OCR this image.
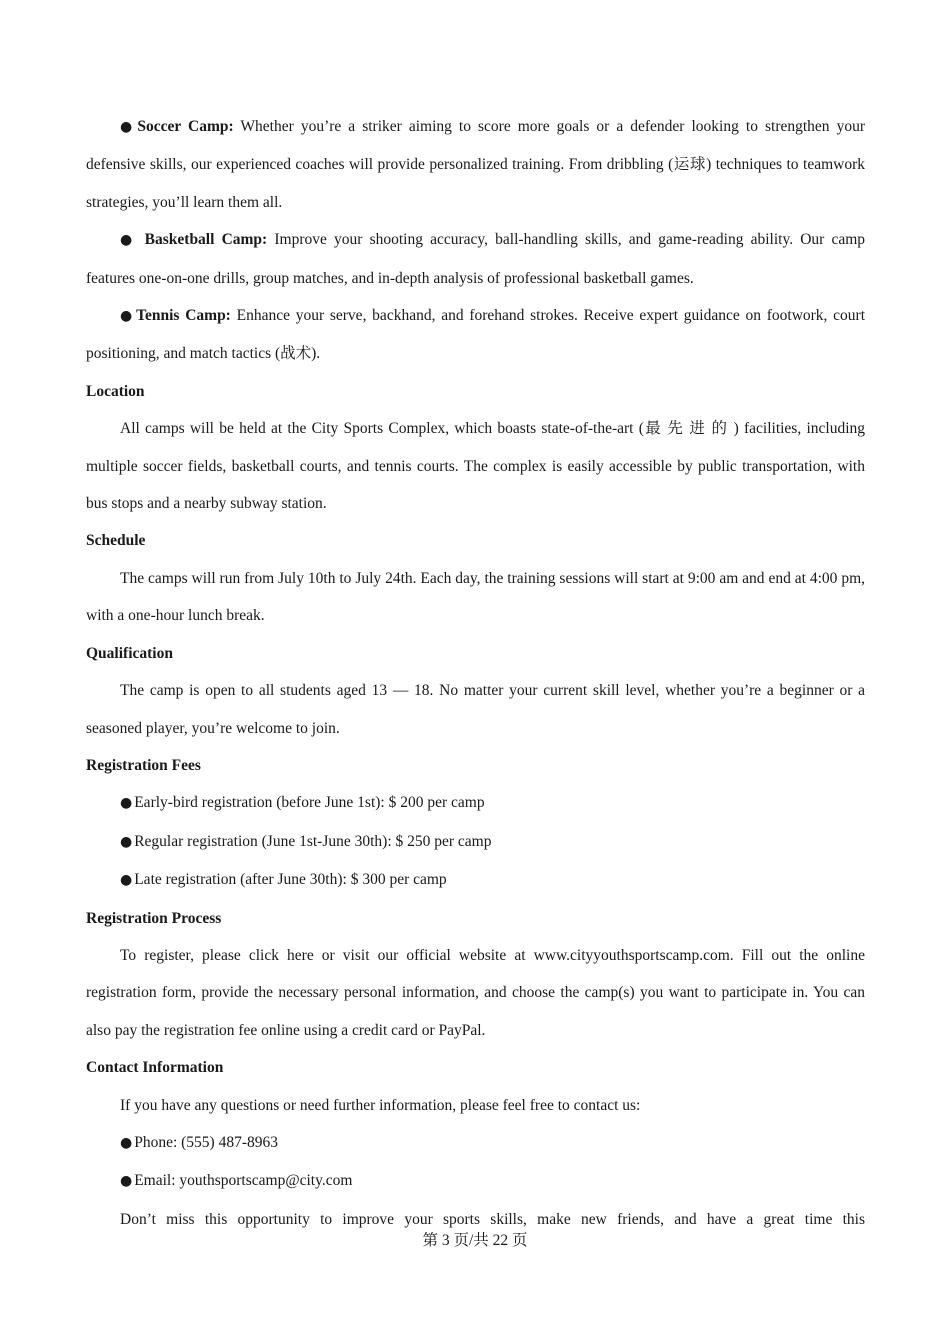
● Soccer Camp: Whether you’re a striker aiming to score more goals or a defender looking to strengthen your defensive skills, our experienced coaches will provide personalized training. From dribbling (运球) techniques to teamwork strategies, you’ll learn them all.
● Basketball Camp: Improve your shooting accuracy, ball-handling skills, and game-reading ability. Our camp features one-on-one drills, group matches, and in-depth analysis of professional basketball games.
● Tennis Camp: Enhance your serve, backhand, and forehand strokes. Receive expert guidance on footwork, court positioning, and match tactics (战术).
Location
All camps will be held at the City Sports Complex, which boasts state-of-the-art (最 先 进 的 ) facilities, including multiple soccer fields, basketball courts, and tennis courts. The complex is easily accessible by public transportation, with bus stops and a nearby subway station.
Schedule
The camps will run from July 10th to July 24th. Each day, the training sessions will start at 9:00 am and end at 4:00 pm, with a one-hour lunch break.
Qualification
The camp is open to all students aged 13 — 18. No matter your current skill level, whether you’re a beginner or a seasoned player, you’re welcome to join.
Registration Fees
● Early-bird registration (before June 1st): $ 200 per camp
● Regular registration (June 1st-June 30th): $ 250 per camp
● Late registration (after June 30th): $ 300 per camp
Registration Process
To register, please click here or visit our official website at www.cityyouthsportscamp.com. Fill out the online registration form, provide the necessary personal information, and choose the camp(s) you want to participate in. You can also pay the registration fee online using a credit card or PayPal.
Contact Information
If you have any questions or need further information, please feel free to contact us:
● Phone: (555) 487-8963
● Email: youthsportscamp@city.com
Don’t miss this opportunity to improve your sports skills, make new friends, and have a great time this
第 3 页/共 22 页
